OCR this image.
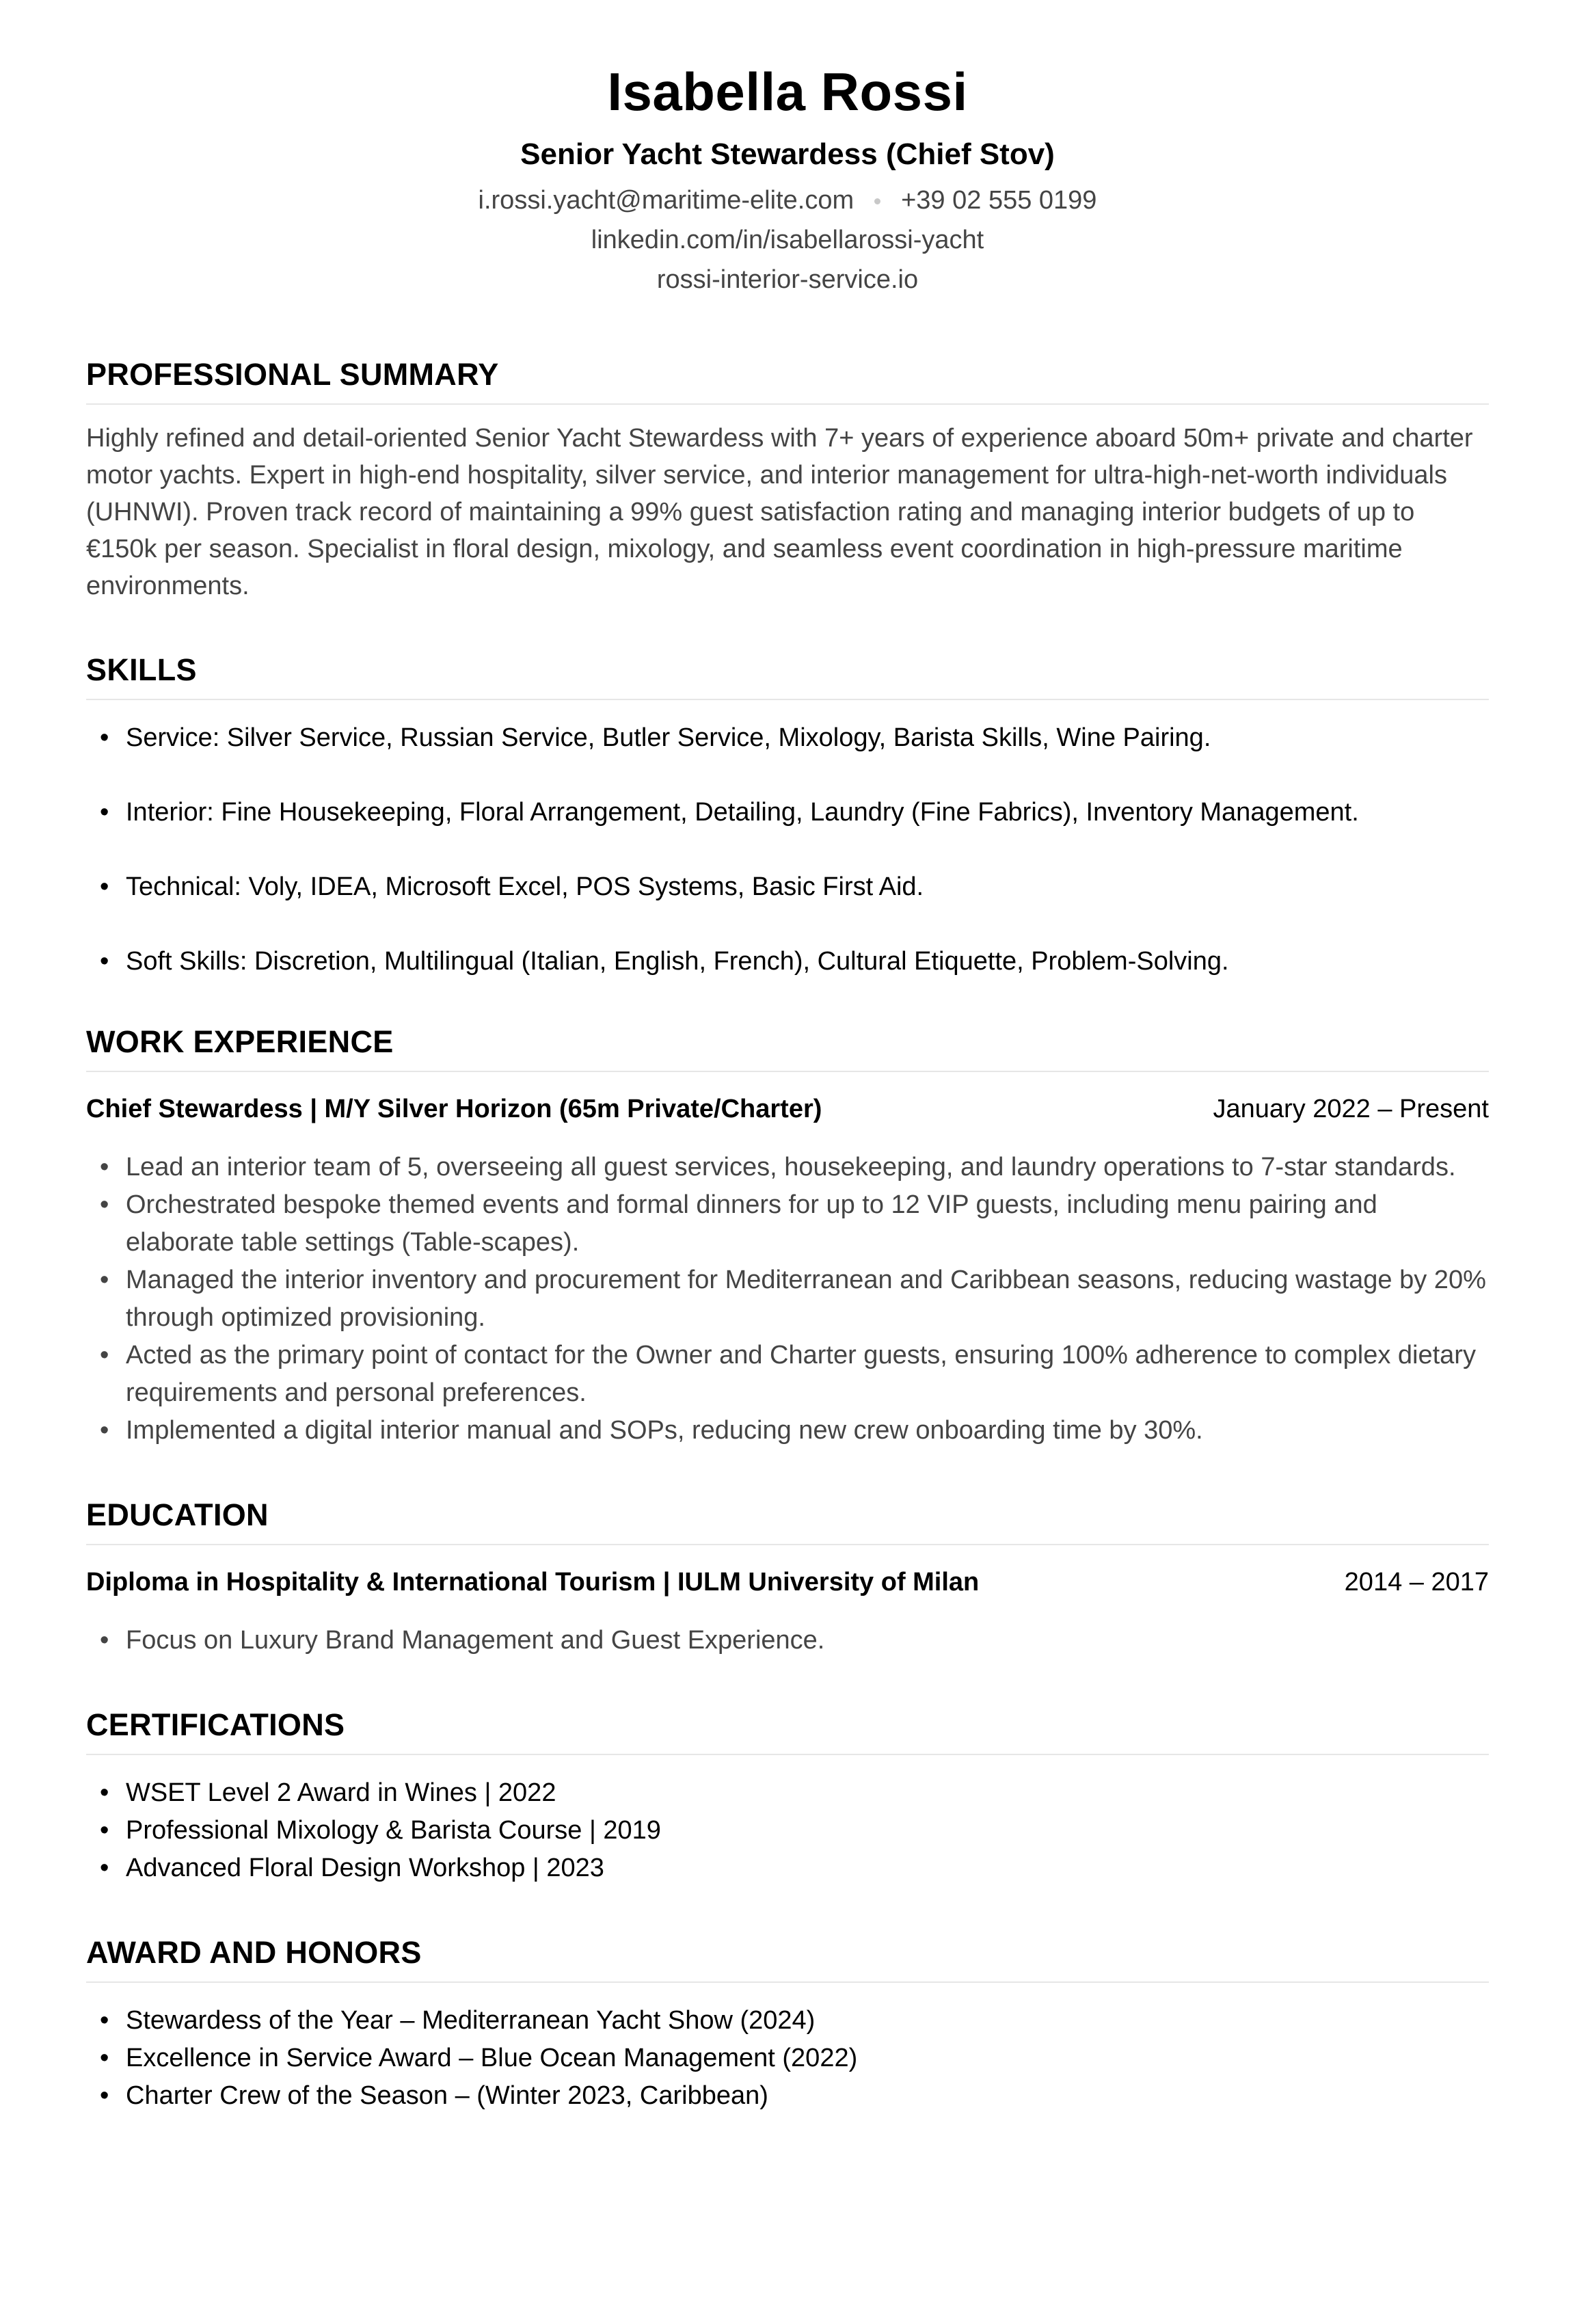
Isabella Rossi
Senior Yacht Stewardess (Chief Stov)
i.rossi.yacht@maritime-elite.com +39 02 555 0199
linkedin.com/in/isabellarossi-yacht
rossi-interior-service.io
PROFESSIONAL SUMMARY

Highly refined and detail-oriented Senior Yacht Stewardess with 7+ years of experience aboard 50m+ private and charter motor yachts. Expert in high-end hospitality, silver service, and interior management for ultra-high-net-worth individuals (UHNWI). Proven track record of maintaining a 99% guest satisfaction rating and managing interior budgets of up to €150k per season. Specialist in floral design, mixology, and seamless event coordination in high-pressure maritime environments.

SKILLS
• Service: Silver Service, Russian Service, Butler Service, Mixology, Barista Skills, Wine Pairing.
• Interior: Fine Housekeeping, Floral Arrangement, Detailing, Laundry (Fine Fabrics), Inventory Management.
• Technical: Voly, IDEA, Microsoft Excel, POS Systems, Basic First Aid.
• Soft Skills: Discretion, Multilingual (Italian, English, French), Cultural Etiquette, Problem-Solving.
WORK EXPERIENCE
Chief Stewardess | M/Y Silver Horizon (65m Private/Charter)	January 2022 – Present
• Lead an interior team of 5, overseeing all guest services, housekeeping, and laundry operations to 7-star standards.
• Orchestrated bespoke themed events and formal dinners for up to 12 VIP guests, including menu pairing and elaborate table settings (Table-scapes).
• Managed the interior inventory and procurement for Mediterranean and Caribbean seasons, reducing wastage by 20% through optimized provisioning.
• Acted as the primary point of contact for the Owner and Charter guests, ensuring 100% adherence to complex dietary requirements and personal preferences.
• Implemented a digital interior manual and SOPs, reducing new crew onboarding time by 30%.
EDUCATION
Diploma in Hospitality & International Tourism | IULM University of Milan	2014 – 2017
• Focus on Luxury Brand Management and Guest Experience.
CERTIFICATIONS
• WSET Level 2 Award in Wines | 2022
• Professional Mixology & Barista Course | 2019
• Advanced Floral Design Workshop | 2023
AWARD AND HONORS
• Stewardess of the Year – Mediterranean Yacht Show (2024)
• Excellence in Service Award – Blue Ocean Management (2022)
• Charter Crew of the Season – (Winter 2023, Caribbean)
